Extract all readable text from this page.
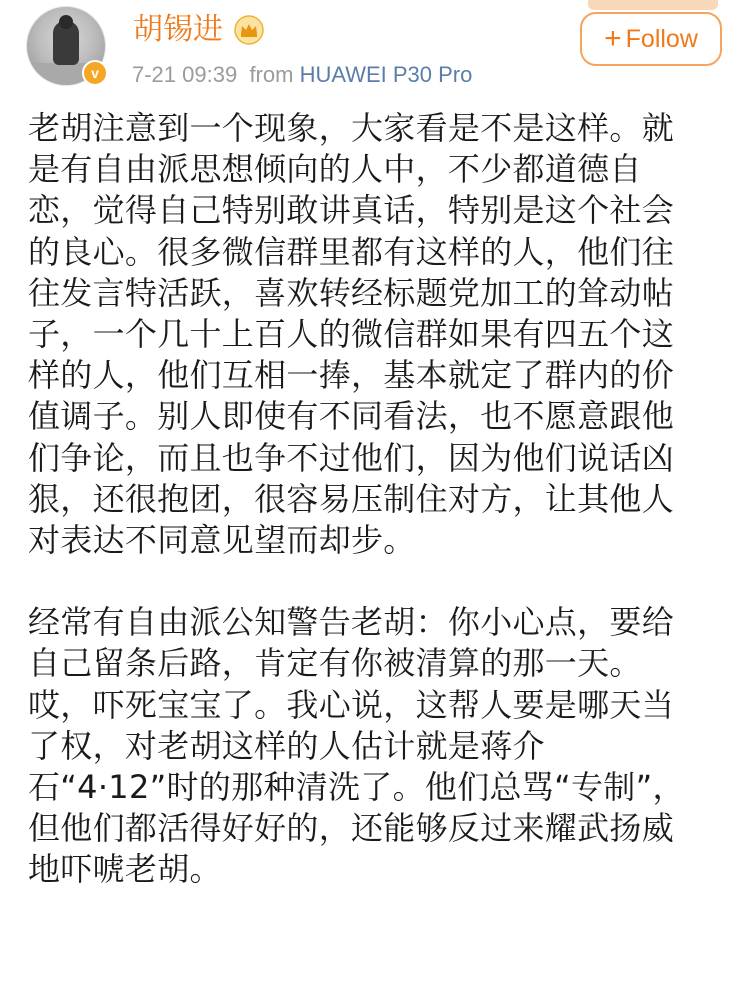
v
胡锡进
7-21 09:39 from HUAWEI P30 Pro
+ Follow

老胡注意到一个现象，大家看是不是这样。就
是有自由派思想倾向的人中，不少都道德自
恋，觉得自己特别敢讲真话，特别是这个社会
的良心。很多微信群里都有这样的人，他们往
往发言特活跃，喜欢转经标题党加工的耸动帖
子，一个几十上百人的微信群如果有四五个这
样的人，他们互相一捧，基本就定了群内的价
值调子。别人即使有不同看法，也不愿意跟他
们争论，而且也争不过他们，因为他们说话凶
狠，还很抱团，很容易压制住对方，让其他人
对表达不同意见望而却步。

经常有自由派公知警告老胡：你小心点，要给
自己留条后路，肯定有你被清算的那一天。
哎，吓死宝宝了。我心说，这帮人要是哪天当
了权，对老胡这样的人估计就是蒋介
石“4·12”时的那种清洗了。他们总骂“专制”，
但他们都活得好好的，还能够反过来耀武扬威
地吓唬老胡。
